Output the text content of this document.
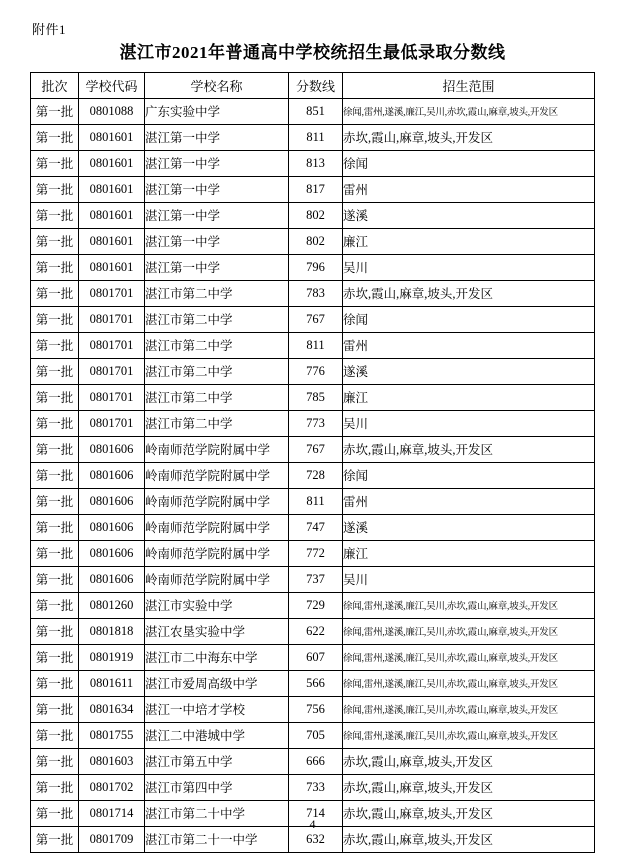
附件1
湛江市2021年普通高中学校统招生最低录取分数线
批次	学校代码	学校名称	分数线	招生范围
第一批	0801088	广东实验中学	851	徐闻,雷州,遂溪,廉江,吴川,赤坎,霞山,麻章,坡头,开发区
第一批	0801601	湛江第一中学	811	赤坎,霞山,麻章,坡头,开发区
第一批	0801601	湛江第一中学	813	徐闻
第一批	0801601	湛江第一中学	817	雷州
第一批	0801601	湛江第一中学	802	遂溪
第一批	0801601	湛江第一中学	802	廉江
第一批	0801601	湛江第一中学	796	吴川
第一批	0801701	湛江市第二中学	783	赤坎,霞山,麻章,坡头,开发区
第一批	0801701	湛江市第二中学	767	徐闻
第一批	0801701	湛江市第二中学	811	雷州
第一批	0801701	湛江市第二中学	776	遂溪
第一批	0801701	湛江市第二中学	785	廉江
第一批	0801701	湛江市第二中学	773	吴川
第一批	0801606	岭南师范学院附属中学	767	赤坎,霞山,麻章,坡头,开发区
第一批	0801606	岭南师范学院附属中学	728	徐闻
第一批	0801606	岭南师范学院附属中学	811	雷州
第一批	0801606	岭南师范学院附属中学	747	遂溪
第一批	0801606	岭南师范学院附属中学	772	廉江
第一批	0801606	岭南师范学院附属中学	737	吴川
第一批	0801260	湛江市实验中学	729	徐闻,雷州,遂溪,廉江,吴川,赤坎,霞山,麻章,坡头,开发区
第一批	0801818	湛江农垦实验中学	622	徐闻,雷州,遂溪,廉江,吴川,赤坎,霞山,麻章,坡头,开发区
第一批	0801919	湛江市二中海东中学	607	徐闻,雷州,遂溪,廉江,吴川,赤坎,霞山,麻章,坡头,开发区
第一批	0801611	湛江市爱周高级中学	566	徐闻,雷州,遂溪,廉江,吴川,赤坎,霞山,麻章,坡头,开发区
第一批	0801634	湛江一中培才学校	756	徐闻,雷州,遂溪,廉江,吴川,赤坎,霞山,麻章,坡头,开发区
第一批	0801755	湛江二中港城中学	705	徐闻,雷州,遂溪,廉江,吴川,赤坎,霞山,麻章,坡头,开发区
第一批	0801603	湛江市第五中学	666	赤坎,霞山,麻章,坡头,开发区
第一批	0801702	湛江市第四中学	733	赤坎,霞山,麻章,坡头,开发区
第一批	0801714	湛江市第二十中学	714	赤坎,霞山,麻章,坡头,开发区
第一批	0801709	湛江市第二十一中学	632	赤坎,霞山,麻章,坡头,开发区
4
